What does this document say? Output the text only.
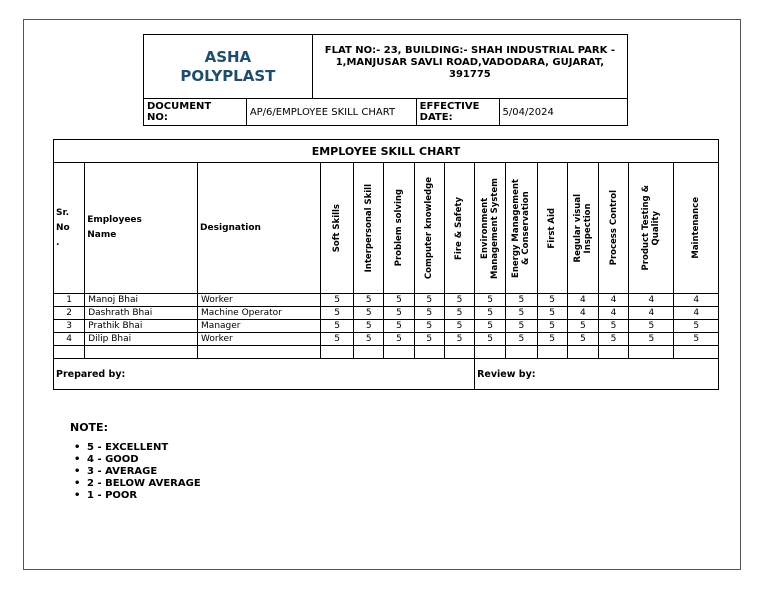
ASHA
POLYPLAST		FLAT NO:- 23, BUILDING:- SHAH INDUSTRIAL PARK -
1,MANJUSAR SAVLI ROAD,VADODARA, GUJARAT,
391775		

DOCUMENT
NO:	AP/6/EMPLOYEE SKILL CHART		EFFECTIVE
DATE:	5/04/2024
EMPLOYEE SKILL CHART														
Sr.
No
.	Employees
Name	Designation	Soft Skills	Interpersonal Skill	Problem solving	Computer knowledge	Fire & Safety	Environment
Management System	Energy Management
& Conservation	First Aid	Regular visual
Inspection	Process Control	Product Testing &
Quality	Maintenance

1	Manoj Bhai	Worker	5	5	5	5	5	5	5	5	4	4	4	4
2	Dashrath Bhai	Machine Operator	5	5	5	5	5	5	5	5	4	4	4	4
3	Prathik Bhai	Manager	5	5	5	5	5	5	5	5	5	5	5	5
4	Dilip Bhai	Worker	5	5	5	5	5	5	5	5	5	5	5	5

Prepared by:								Review by:						
NOTE:
• 5 - EXCELLENT
• 4 - GOOD
• 3 - AVERAGE
• 2 - BELOW AVERAGE
• 1 - POOR
